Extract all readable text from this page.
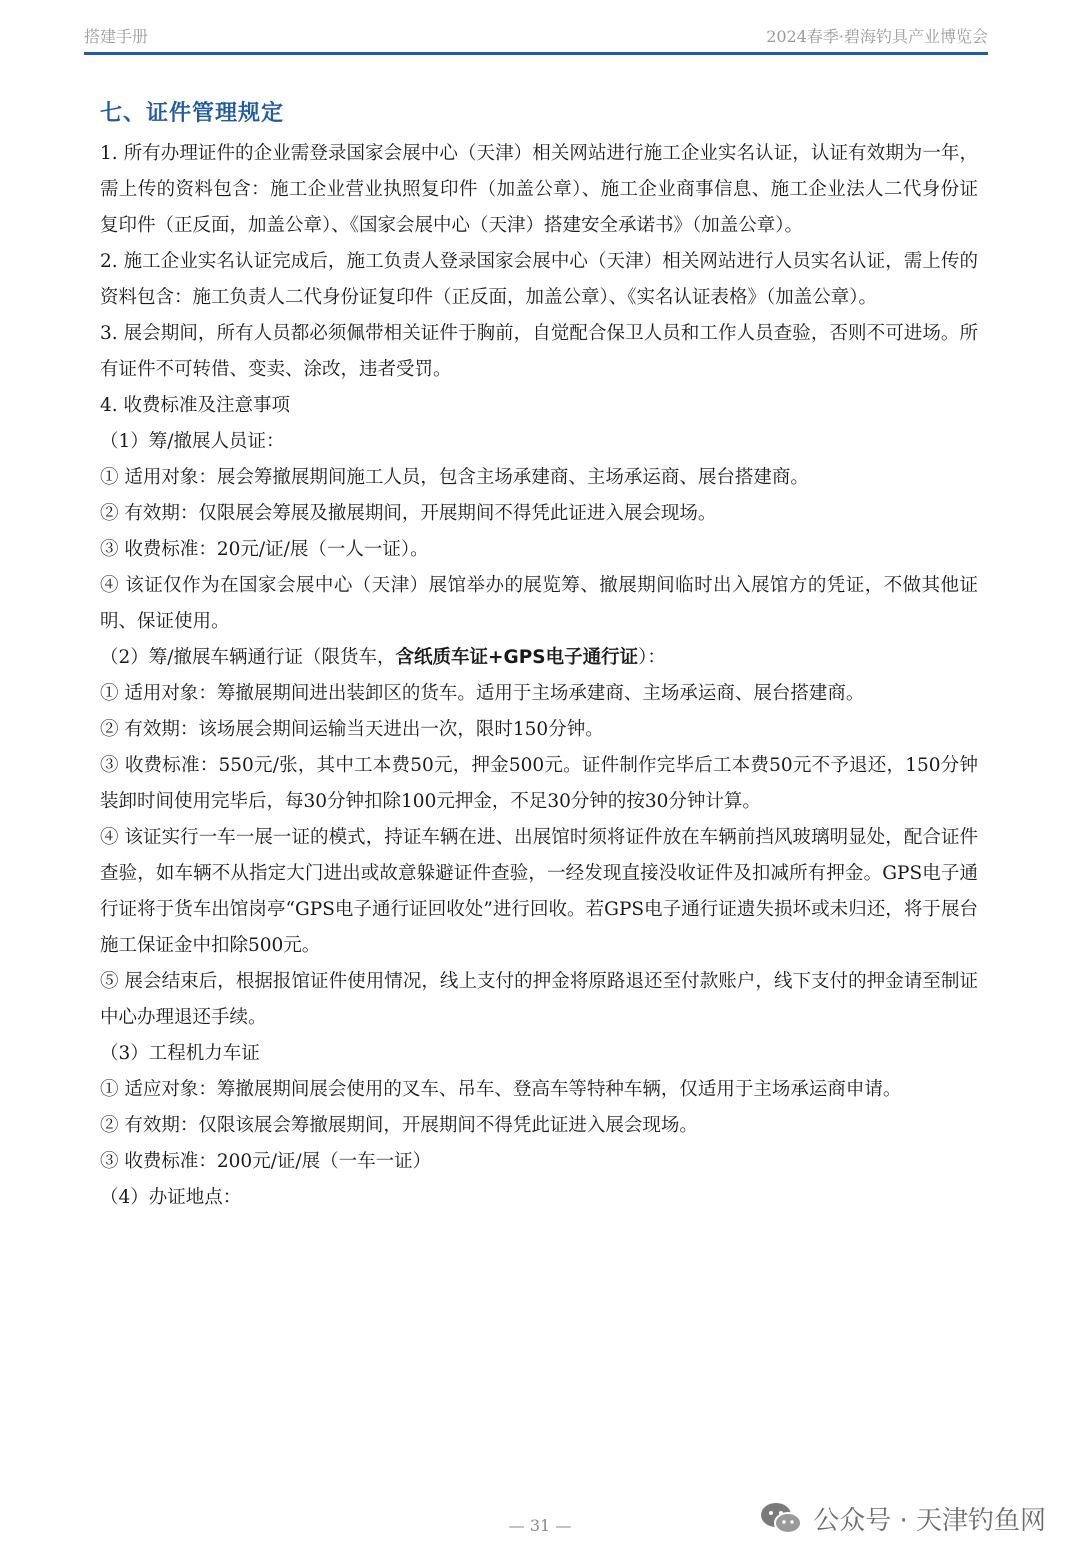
搭建手册	2024春季·碧海钓具产业博览会
七、证件管理规定

1. 所有办理证件的企业需登录国家会展中心（天津）相关网站进行施工企业实名认证，认证有效期为一年，需上传的资料包含：施工企业营业执照复印件（加盖公章）、施工企业商事信息、施工企业法人二代身份证复印件（正反面，加盖公章）、《国家会展中心（天津）搭建安全承诺书》（加盖公章）。

2. 施工企业实名认证完成后，施工负责人登录国家会展中心（天津）相关网站进行人员实名认证，需上传的资料包含：施工负责人二代身份证复印件（正反面，加盖公章）、《实名认证表格》（加盖公章）。

3. 展会期间，所有人员都必须佩带相关证件于胸前，自觉配合保卫人员和工作人员查验，否则不可进场。所有证件不可转借、变卖、涂改，违者受罚。

4. 收费标准及注意事项

（1）筹/撤展人员证：

① 适用对象：展会筹撤展期间施工人员，包含主场承建商、主场承运商、展台搭建商。

② 有效期：仅限展会筹展及撤展期间，开展期间不得凭此证进入展会现场。

③ 收费标准：20元/证/展（一人一证）。

④ 该证仅作为在国家会展中心（天津）展馆举办的展览筹、撤展期间临时出入展馆方的凭证，不做其他证明、保证使用。

（2）筹/撤展车辆通行证（限货车，含纸质车证+GPS电子通行证）：

① 适用对象：筹撤展期间进出装卸区的货车。适用于主场承建商、主场承运商、展台搭建商。

② 有效期：该场展会期间运输当天进出一次，限时150分钟。

③ 收费标准：550元/张，其中工本费50元，押金500元。证件制作完毕后工本费50元不予退还，150分钟装卸时间使用完毕后，每30分钟扣除100元押金，不足30分钟的按30分钟计算。

④ 该证实行一车一展一证的模式，持证车辆在进、出展馆时须将证件放在车辆前挡风玻璃明显处，配合证件查验，如车辆不从指定大门进出或故意躲避证件查验，一经发现直接没收证件及扣减所有押金。GPS电子通行证将于货车出馆岗亭“GPS电子通行证回收处”进行回收。若GPS电子通行证遗失损坏或未归还，将于展台施工保证金中扣除500元。

⑤ 展会结束后，根据报馆证件使用情况，线上支付的押金将原路退还至付款账户，线下支付的押金请至制证中心办理退还手续。

（3）工程机力车证

① 适应对象：筹撤展期间展会使用的叉车、吊车、登高车等特种车辆，仅适用于主场承运商申请。

② 有效期：仅限该展会筹撤展期间，开展期间不得凭此证进入展会现场。

③ 收费标准：200元/证/展（一车一证）

（4）办证地点：

— 31 —	公众号 · 天津钓鱼网
